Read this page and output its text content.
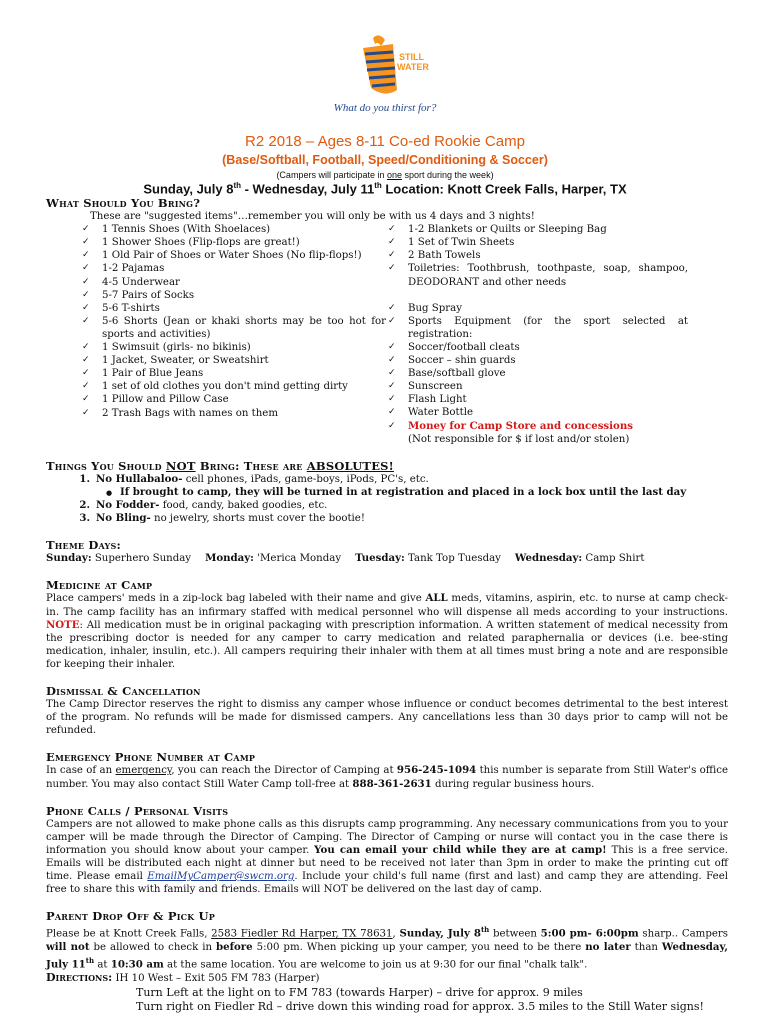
STILL
WATER
What do you thirst for?
R2 2018 – Ages 8-11 Co-ed Rookie Camp
(Base/Softball, Football, Speed/Conditioning & Soccer)
(Campers will participate in one sport during the week)
Sunday, July 8th - Wednesday, July 11th Location: Knott Creek Falls, Harper, TX
What Should You Bring?
These are "suggested items"…remember you will only be with us 4 days and 3 nights!
✓	1 Tennis Shoes (With Shoelaces)
✓	1 Shower Shoes (Flip-flops are great!)
✓	1 Old Pair of Shoes or Water Shoes (No flip-flops!)
✓	1-2 Pajamas
✓	4-5 Underwear
✓	5-7 Pairs of Socks
✓	5-6 T-shirts
✓	5-6 Shorts (Jean or khaki shorts may be too hot for sports and activities)
✓	1 Swimsuit (girls- no bikinis)
✓	1 Jacket, Sweater, or Sweatshirt
✓	1 Pair of Blue Jeans
✓	1 set of old clothes you don't mind getting dirty
✓	1 Pillow and Pillow Case
✓	2 Trash Bags with names on them
✓	1-2 Blankets or Quilts or Sleeping Bag
✓	1 Set of Twin Sheets
✓	2 Bath Towels
✓	Toiletries: Toothbrush, toothpaste, soap, shampoo, DEODORANT and other needs
✓	Bug Spray
✓	Sports Equipment (for the sport selected at registration:
✓	Soccer/football cleats
✓	Soccer – shin guards
✓	Base/softball glove
✓	Sunscreen
✓	Flash Light
✓	Water Bottle
✓	Money for Camp Store and concessions
(Not responsible for $ if lost and/or stolen)
Things You Should NOT Bring: These are ABSOLUTES!
1. No Hullabaloo- cell phones, iPads, game-boys, iPods, PC's, etc.
● If brought to camp, they will be turned in at registration and placed in a lock box until the last day
2. No Fodder- food, candy, baked goodies, etc.
3. No Bling- no jewelry, shorts must cover the bootie!
Theme Days:
Sunday: Superhero Sunday Monday: 'Merica Monday Tuesday: Tank Top Tuesday Wednesday: Camp Shirt
Medicine at Camp

Place campers' meds in a zip-lock bag labeled with their name and give ALL meds, vitamins, aspirin, etc. to nurse at camp check-in. The camp facility has an infirmary staffed with medical personnel who will dispense all meds according to your instructions. NOTE: All medication must be in original packaging with prescription information. A written statement of medical necessity from the prescribing doctor is needed for any camper to carry medication and related paraphernalia or devices (i.e. bee-sting medication, inhaler, insulin, etc.). All campers requiring their inhaler with them at all times must bring a note and are responsible for keeping their inhaler.

Dismissal & Cancellation

The Camp Director reserves the right to dismiss any camper whose influence or conduct becomes detrimental to the best interest of the program. No refunds will be made for dismissed campers. Any cancellations less than 30 days prior to camp will not be refunded.

Emergency Phone Number at Camp

In case of an emergency, you can reach the Director of Camping at 956-245-1094 this number is separate from Still Water's office number. You may also contact Still Water Camp toll-free at 888-361-2631 during regular business hours.

Phone Calls / Personal Visits

Campers are not allowed to make phone calls as this disrupts camp programming. Any necessary communications from you to your camper will be made through the Director of Camping. The Director of Camping or nurse will contact you in the case there is information you should know about your camper. You can email your child while they are at camp! This is a free service. Emails will be distributed each night at dinner but need to be received not later than 3pm in order to make the printing cut off time. Please email EmailMyCamper@swcm.org. Include your child's full name (first and last) and camp they are attending. Feel free to share this with family and friends. Emails will NOT be delivered on the last day of camp.

Parent Drop Off & Pick Up

Please be at Knott Creek Falls, 2583 Fiedler Rd Harper, TX 78631, Sunday, July 8th between 5:00 pm- 6:00pm sharp.. Campers will not be allowed to check in before 5:00 pm. When picking up your camper, you need to be there no later than Wednesday, July 11th at 10:30 am at the same location. You are welcome to join us at 9:30 for our final "chalk talk".

Directions: IH 10 West – Exit 505 FM 783 (Harper)
Turn Left at the light on to FM 783 (towards Harper) – drive for approx. 9 miles
Turn right on Fiedler Rd – drive down this winding road for approx. 3.5 miles to the Still Water signs!
